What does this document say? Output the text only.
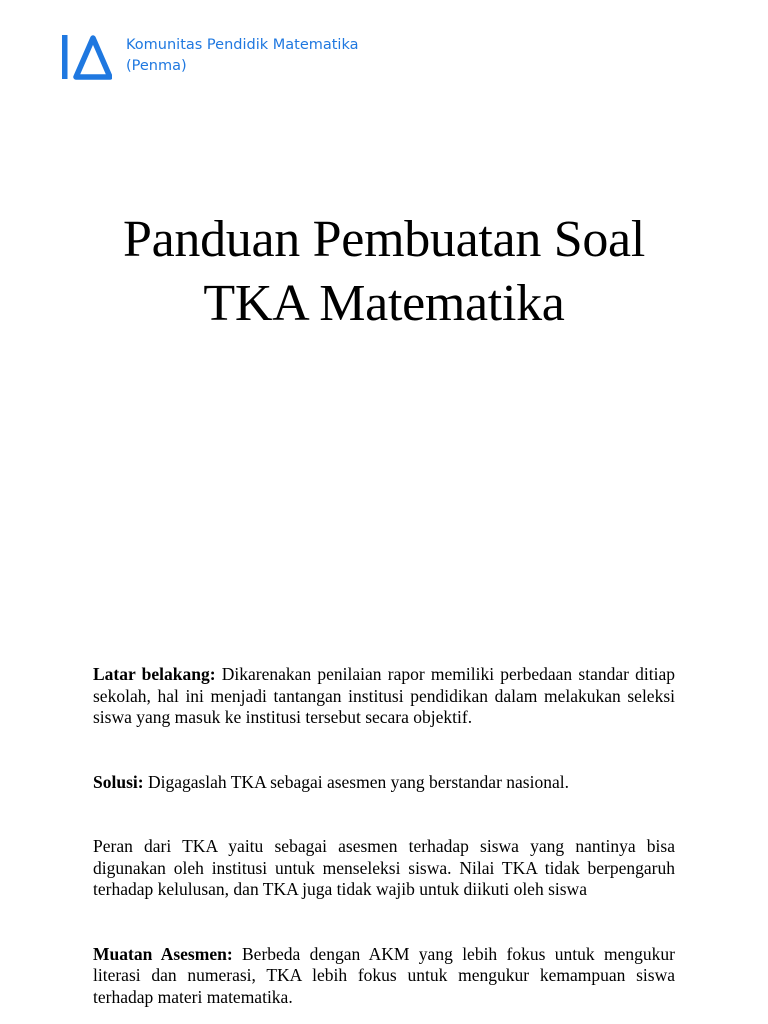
Komunitas Pendidik Matematika
(Penma)
Panduan Pembuatan Soal
TKA Matematika

Latar belakang: Dikarenakan penilaian rapor memiliki perbedaan standar ditiap sekolah, hal ini menjadi tantangan institusi pendidikan dalam melakukan seleksi siswa yang masuk ke institusi tersebut secara objektif.

Solusi: Digagaslah TKA sebagai asesmen yang berstandar nasional.

Peran dari TKA yaitu sebagai asesmen terhadap siswa yang nantinya bisa digunakan oleh institusi untuk menseleksi siswa. Nilai TKA tidak berpengaruh terhadap kelulusan, dan TKA juga tidak wajib untuk diikuti oleh siswa

Muatan Asesmen: Berbeda dengan AKM yang lebih fokus untuk mengukur literasi dan numerasi, TKA lebih fokus untuk mengukur kemampuan siswa terhadap materi matematika.
